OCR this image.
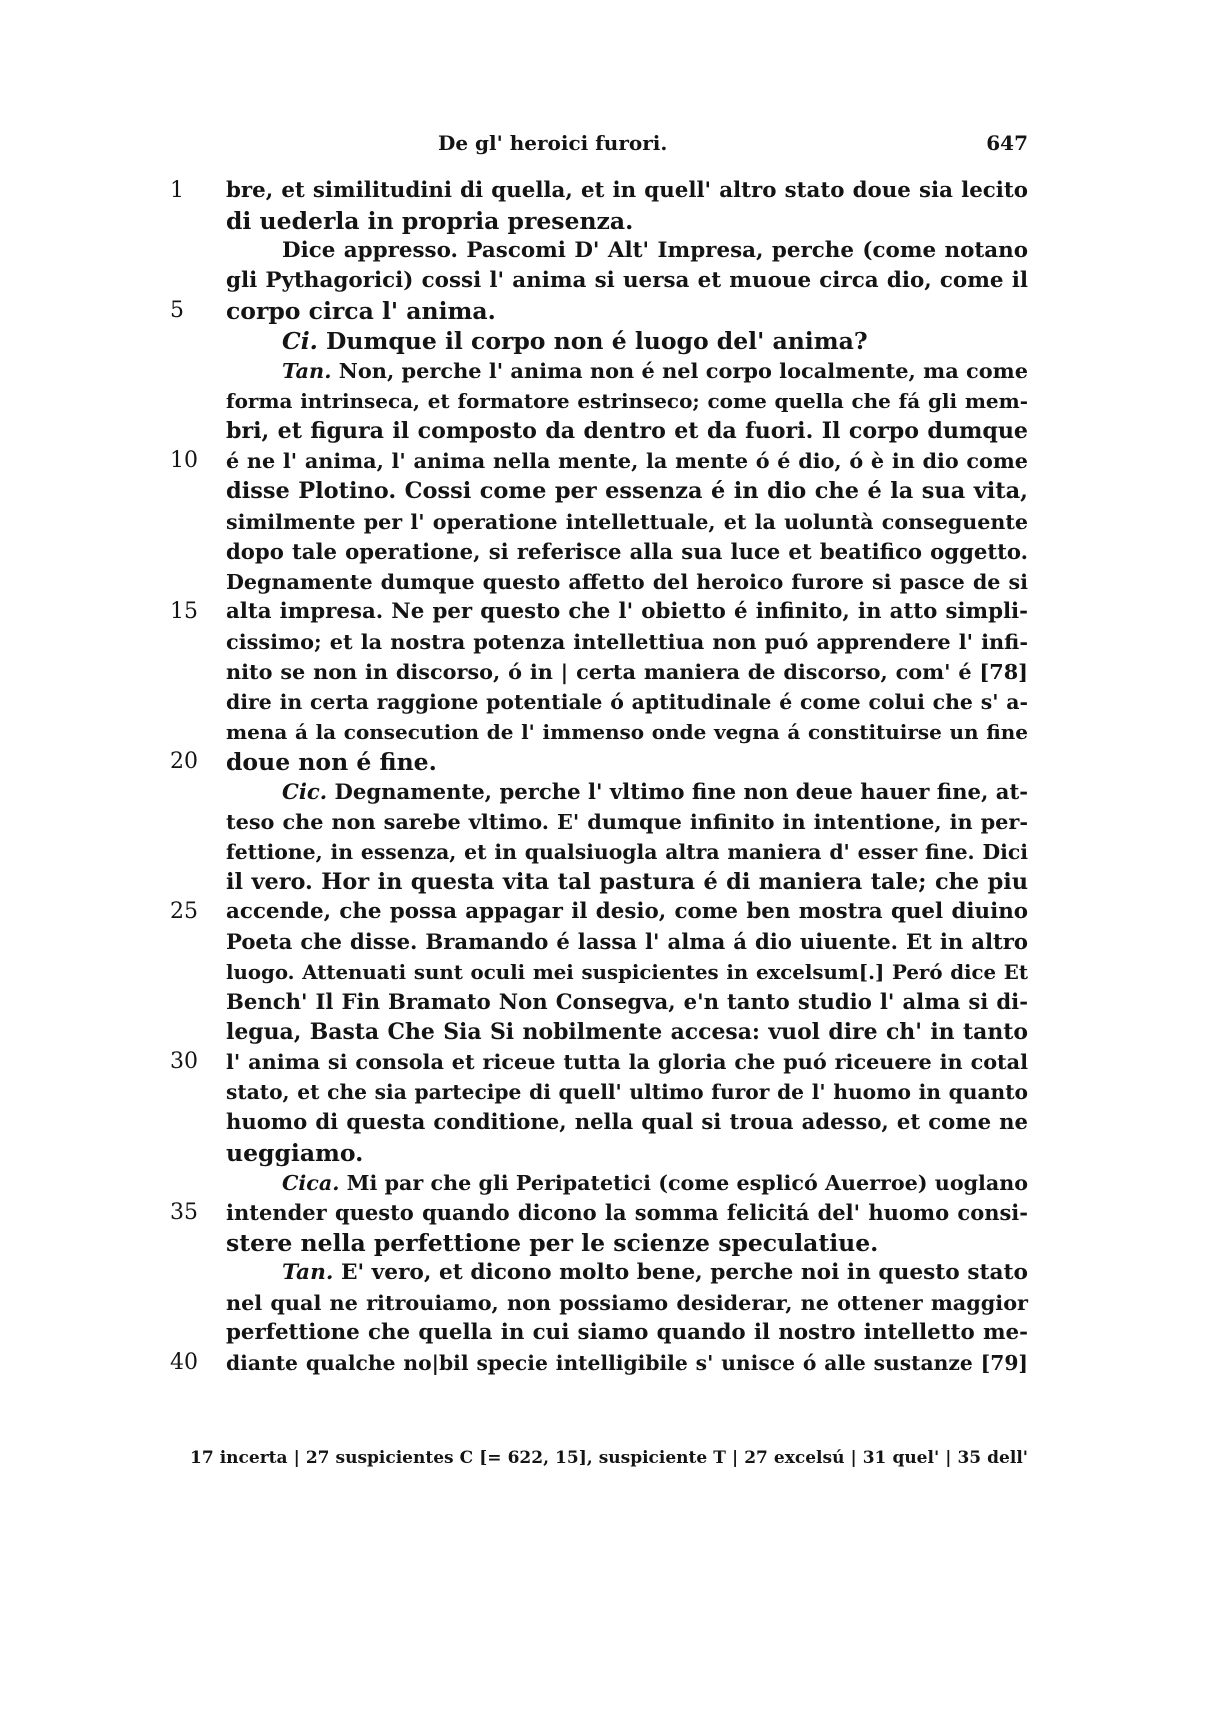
De gl' heroici furori.	647
1	bre, et similitudini di quella, et in quell' altro stato doue sia lecito
di uederla in propria presenza.
Dice appresso. Pascomi D' Alt' Impresa, perche (come notano
gli Pythagorici) cossi l' anima si uersa et muoue circa dio, come il
5	corpo circa l' anima.
Ci. Dumque il corpo non é luogo del' anima?
Tan. Non, perche l' anima non é nel corpo localmente, ma come
forma intrinseca, et formatore estrinseco; come quella che fá gli mem-
bri, et figura il composto da dentro et da fuori. Il corpo dumque
10	é ne l' anima, l' anima nella mente, la mente ó é dio, ó è in dio come
disse Plotino. Cossi come per essenza é in dio che é la sua vita,
similmente per l' operatione intellettuale, et la uoluntà conseguente
dopo tale operatione, si referisce alla sua luce et beatifico oggetto.
Degnamente dumque questo affetto del heroico furore si pasce de si
15	alta impresa. Ne per questo che l' obietto é infinito, in atto simpli-
cissimo; et la nostra potenza intellettiua non puó apprendere l' infi-
nito se non in discorso, ó in | certa maniera de discorso, com' é [78]
dire in certa raggione potentiale ó aptitudinale é come colui che s' a-
mena á la consecution de l' immenso onde vegna á constituirse un fine
20	doue non é fine.
Cic. Degnamente, perche l' vltimo fine non deue hauer fine, at-
teso che non sarebe vltimo. E' dumque infinito in intentione, in per-
fettione, in essenza, et in qualsiuogla altra maniera d' esser fine. Dici
il vero. Hor in questa vita tal pastura é di maniera tale; che piu
25	accende, che possa appagar il desio, come ben mostra quel diuino
Poeta che disse. Bramando é lassa l' alma á dio uiuente. Et in altro
luogo. Attenuati sunt oculi mei suspicientes in excelsum[.] Peró dice Et
Bench' Il Fin Bramato Non Consegva, e'n tanto studio l' alma si di-
legua, Basta Che Sia Si nobilmente accesa: vuol dire ch' in tanto
30	l' anima si consola et riceue tutta la gloria che puó riceuere in cotal
stato, et che sia partecipe di quell' ultimo furor de l' huomo in quanto
huomo di questa conditione, nella qual si troua adesso, et come ne
ueggiamo.
Cica. Mi par che gli Peripatetici (come esplicó Auerroe) uoglano
35	intender questo quando dicono la somma felicitá del' huomo consi-
stere nella perfettione per le scienze speculatiue.
Tan. E' vero, et dicono molto bene, perche noi in questo stato
nel qual ne ritrouiamo, non possiamo desiderar, ne ottener maggior
perfettione che quella in cui siamo quando il nostro intelletto me-
40	diante qualche no|bil specie intelligibile s' unisce ó alle sustanze [79]
17 incerta | 27 suspicientes C [= 622, 15], suspiciente T | 27 excelsú | 31 quel' | 35 dell'
